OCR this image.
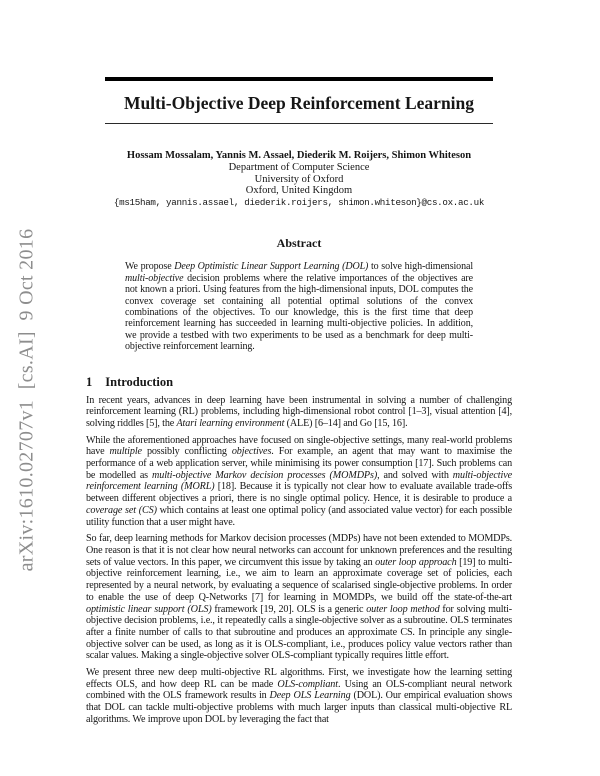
arXiv:1610.02707v1  [cs.AI]  9 Oct 2016
Multi-Objective Deep Reinforcement Learning
Hossam Mossalam, Yannis M. Assael, Diederik M. Roijers, Shimon Whiteson
Department of Computer Science
University of Oxford
Oxford, United Kingdom
{ms15ham, yannis.assael, diederik.roijers, shimon.whiteson}@cs.ox.ac.uk
Abstract
We propose Deep Optimistic Linear Support Learning (DOL) to solve high-dimensional multi-objective decision problems where the relative importances of the objectives are not known a priori. Using features from the high-dimensional inputs, DOL computes the convex coverage set containing all potential optimal solutions of the convex combinations of the objectives. To our knowledge, this is the first time that deep reinforcement learning has succeeded in learning multi-objective policies. In addition, we provide a testbed with two experiments to be used as a benchmark for deep multi-objective reinforcement learning.
1 Introduction

In recent years, advances in deep learning have been instrumental in solving a number of challenging reinforcement learning (RL) problems, including high-dimensional robot control [1–3], visual attention [4], solving riddles [5], the Atari learning environment (ALE) [6–14] and Go [15, 16].

While the aforementioned approaches have focused on single-objective settings, many real-world problems have multiple possibly conflicting objectives. For example, an agent that may want to maximise the performance of a web application server, while minimising its power consumption [17]. Such problems can be modelled as multi-objective Markov decision processes (MOMDPs), and solved with multi-objective reinforcement learning (MORL) [18]. Because it is typically not clear how to evaluate available trade-offs between different objectives a priori, there is no single optimal policy. Hence, it is desirable to produce a coverage set (CS) which contains at least one optimal policy (and associated value vector) for each possible utility function that a user might have.

So far, deep learning methods for Markov decision processes (MDPs) have not been extended to MOMDPs. One reason is that it is not clear how neural networks can account for unknown preferences and the resulting sets of value vectors. In this paper, we circumvent this issue by taking an outer loop approach [19] to multi-objective reinforcement learning, i.e., we aim to learn an approximate coverage set of policies, each represented by a neural network, by evaluating a sequence of scalarised single-objective problems. In order to enable the use of deep Q-Networks [7] for learning in MOMDPs, we build off the state-of-the-art optimistic linear support (OLS) framework [19, 20]. OLS is a generic outer loop method for solving multi-objective decision problems, i.e., it repeatedly calls a single-objective solver as a subroutine. OLS terminates after a finite number of calls to that subroutine and produces an approximate CS. In principle any single-objective solver can be used, as long as it is OLS-compliant, i.e., produces policy value vectors rather than scalar values. Making a single-objective solver OLS-compliant typically requires little effort.

We present three new deep multi-objective RL algorithms. First, we investigate how the learning setting effects OLS, and how deep RL can be made OLS-compliant. Using an OLS-compliant neural network combined with the OLS framework results in Deep OLS Learning (DOL). Our empirical evaluation shows that DOL can tackle multi-objective problems with much larger inputs than classical multi-objective RL algorithms. We improve upon DOL by leveraging the fact that
